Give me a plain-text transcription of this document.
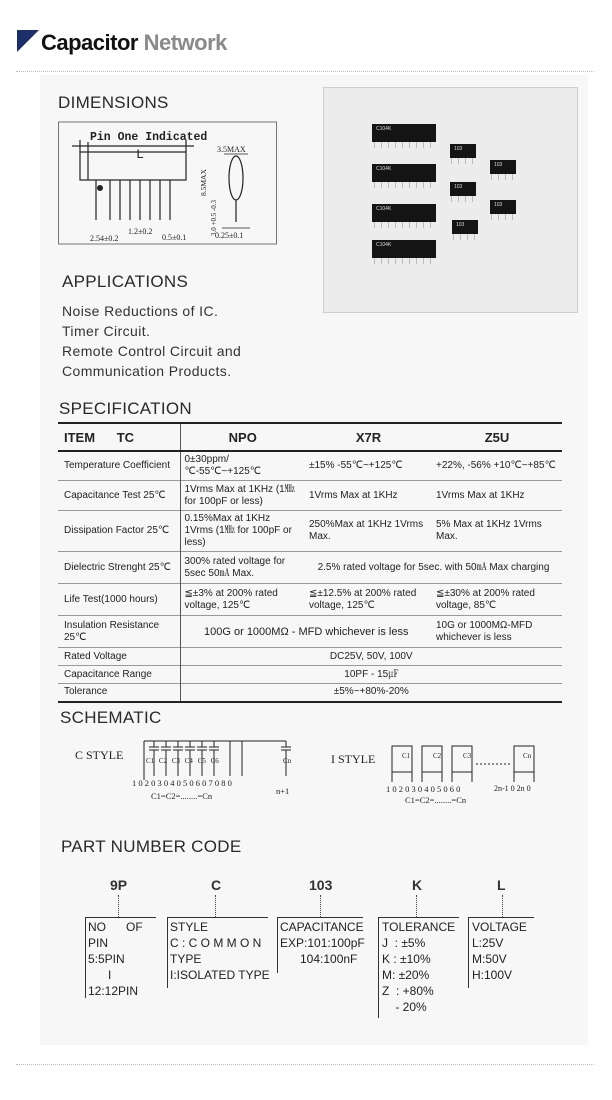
Capacitor Network
DIMENSIONS
Pin One Indicated
L	3.5MAX
8.5MAX
3.0 +0.5 -0.3
2.54±0.2
1.2±0.2
0.5±0.1	0.25±0.1
C104K
C104K
C104K
C104K
103
103
103
103
103
APPLICATIONS
Noise Reductions of IC.
Timer Circuit.
Remote Control Circuit and
Communication Products.
SPECIFICATION
ITEM      TC	NPO	X7R	Z5U
Temperature Coefficient	0±30ppm/℃-55℃~+125℃	±15% -55℃~+125℃	+22%, -56% +10℃~+85℃
Capacitance Test 25℃	1Vrms Max at 1KHz (1㎒ for 100pF or less)	1Vrms Max at 1KHz	1Vrms Max at 1KHz
Dissipation Factor 25℃	0.15%Max at 1KHz 1Vrms (1㎒ for 100pF or less)	250%Max at 1KHz 1Vrms Max.	5% Max at 1KHz 1Vrms Max.
Dielectric Strenght 25℃	300% rated voltage for 5sec 50㎃ Max.	2.5% rated voltage for 5sec. with 50㎃ Max charging	
Life Test(1000 hours)	≦±3% at 200% rated voltage, 125℃	≦±12.5% at 200% rated voltage, 125℃	≦±30% at 200% rated voltage, 85℃
Insulation Resistance 25℃	100G or 1000MΩ - MFD whichever is less		10G or 1000MΩ-MFD whichever is less
Rated Voltage	DC25V, 50V, 100V		
Capacitance Range	10PF - 15㎌		
Tolerance	±5%~+80%-20%		
SCHEMATIC
C STYLE	C1 C2 C3 C4 C5 C6	Cn
1 0 2 0 3 0 4 0 5 0 6 0 7 0 8 0
n+1
C1=C2=........=Cn
I STYLE	C1	C2	C3	Cn
1 0 2 0 3 0 4 0 5 0 6 0	2n-1 0 2n 0
C1=C2=........=Cn
PART NUMBER CODE
9P	C	103	K	L
NO      OF
PIN
5:5PIN
I
12:12PIN
STYLE
C : C O M M O N
TYPE
I:ISOLATED TYPE
CAPACITANCE
EXP:101:100pF
104:100nF
TOLERANCE
J  : ±5%
K : ±10%
M: ±20%
Z  : +80%
- 20%
VOLTAGE
L:25V
M:50V
H:100V
